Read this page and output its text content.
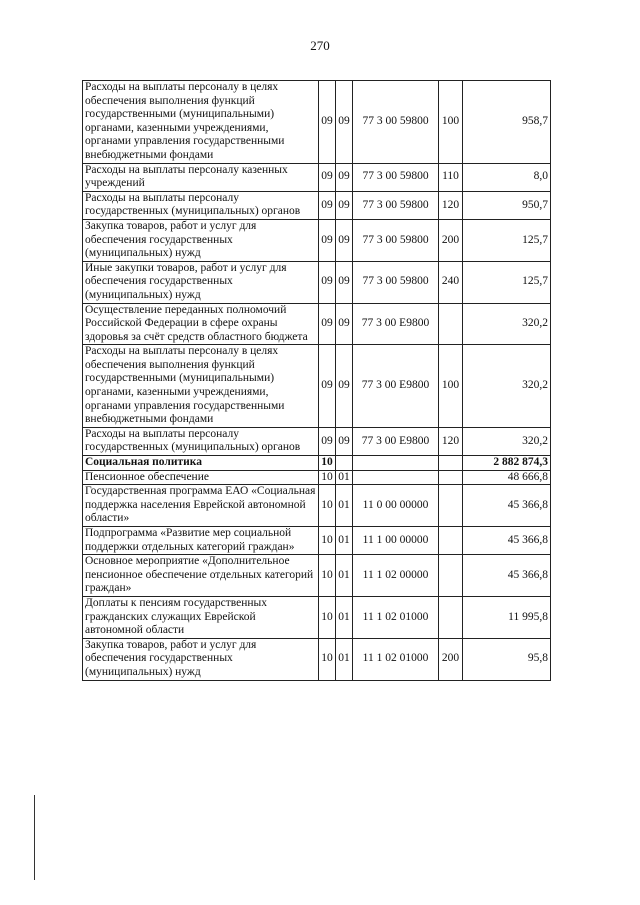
270
Расходы на выплаты персоналу в целях обеспечения выполнения функций государственными (муниципальными) органами, казенными учреждениями, органами управления государственными внебюджетными фондами	09	09	77 3 00 59800	100	958,7
Расходы на выплаты персоналу казенных учреждений	09	09	77 3 00 59800	110	8,0
Расходы на выплаты персоналу государственных (муниципальных) органов	09	09	77 3 00 59800	120	950,7
Закупка товаров, работ и услуг для обеспечения государственных (муниципальных) нужд	09	09	77 3 00 59800	200	125,7
Иные закупки товаров, работ и услуг для обеспечения государственных (муниципальных) нужд	09	09	77 3 00 59800	240	125,7
Осуществление переданных полномочий Российской Федерации в сфере охраны здоровья за счёт средств областного бюджета	09	09	77 3 00 E9800		320,2
Расходы на выплаты персоналу в целях обеспечения выполнения функций государственными (муниципальными) органами, казенными учреждениями, органами управления государственными внебюджетными фондами	09	09	77 3 00 E9800	100	320,2
Расходы на выплаты персоналу государственных (муниципальных) органов	09	09	77 3 00 E9800	120	320,2
Социальная политика	10				2 882 874,3
Пенсионное обеспечение	10	01			48 666,8
Государственная программа ЕАО «Социальная поддержка населения Еврейской автономной области»	10	01	11 0 00 00000		45 366,8
Подпрограмма «Развитие мер социальной поддержки отдельных категорий граждан»	10	01	11 1 00 00000		45 366,8
Основное мероприятие «Дополнительное пенсионное обеспечение отдельных категорий граждан»	10	01	11 1 02 00000		45 366,8
Доплаты к пенсиям государственных гражданских служащих Еврейской автономной области	10	01	11 1 02 01000		11 995,8
Закупка товаров, работ и услуг для обеспечения государственных (муниципальных) нужд	10	01	11 1 02 01000	200	95,8
